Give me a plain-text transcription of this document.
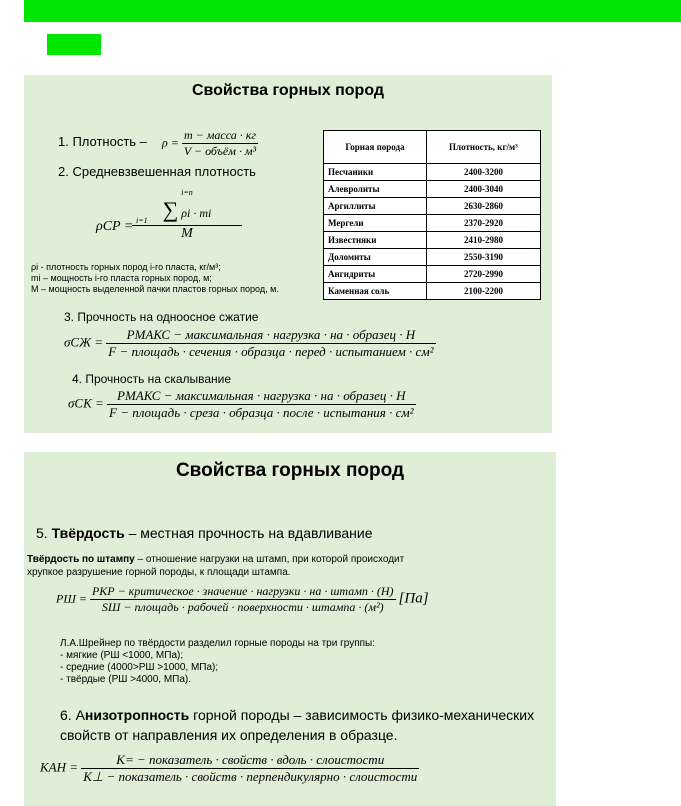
Свойства горных пород
1. Плотность – $\rho = \frac{\text{m − масса · кг}}{\text{V − объём · м³}}$
2. Средневзвешенная плотность
ρCP =
i=n
∑ ρi · mi
M
i=1
ρi - плотность горных пород i-го пласта, кг/м³;
mi – мощность i-го пласта горных пород, м;
М – мощность выделенной пачки пластов горных пород, м.
Горная порода	Плотность, кг/м³
Песчаники	2400-3200
Алевролиты	2400-3040
Аргиллиты	2630-2860
Мергели	2370-2920
Известняки	2410-2980
Доломиты	2550-3190
Ангидриты	2720-2990
Каменная соль	2100-2200
3. Прочность на одноосное сжатие
$\sigma СЖ = \frac{\text{PМАКС − максимальная · нагрузка · на · образец · Н}}{\text{F − площадь · сечения · образца · перед · испытанием · см²}}$
4. Прочность на скалывание
$\sigma СК = \frac{\text{PМАКС − максимальная · нагрузка · на · образец · Н}}{\text{F − площадь · среза · образца · после · испытания · см²}}$
Свойства горных пород
5. Твёрдость – местная прочность на вдавливание
Твёрдость по штампу – отношение нагрузки на штамп, при которой происходит
хрупкое разрушение горной породы, к площади штампа.
PШ = $\frac{\text{PКР − критическое · значение · нагрузки · на · штамп · (Н)}}{\text{SШ − площадь · рабочей · поверхности · штампа · (м²)}} [Па]$
Л.А.Шрейнер по твёрдости разделил горные породы на три группы:
- мягкие (PШ <1000, МПа);
- средние (4000>PШ >1000, МПа);
- твёрдые (PШ >4000, МПа).
6. Анизотропность горной породы – зависимость физико-механических
свойств от направления их определения в образце.
KАН = $\frac{\text{K= − показатель · свойств · вдоль · слоистости}}{\text{K⊥ − показатель · свойств · перпендикулярно · слоистости}}$
